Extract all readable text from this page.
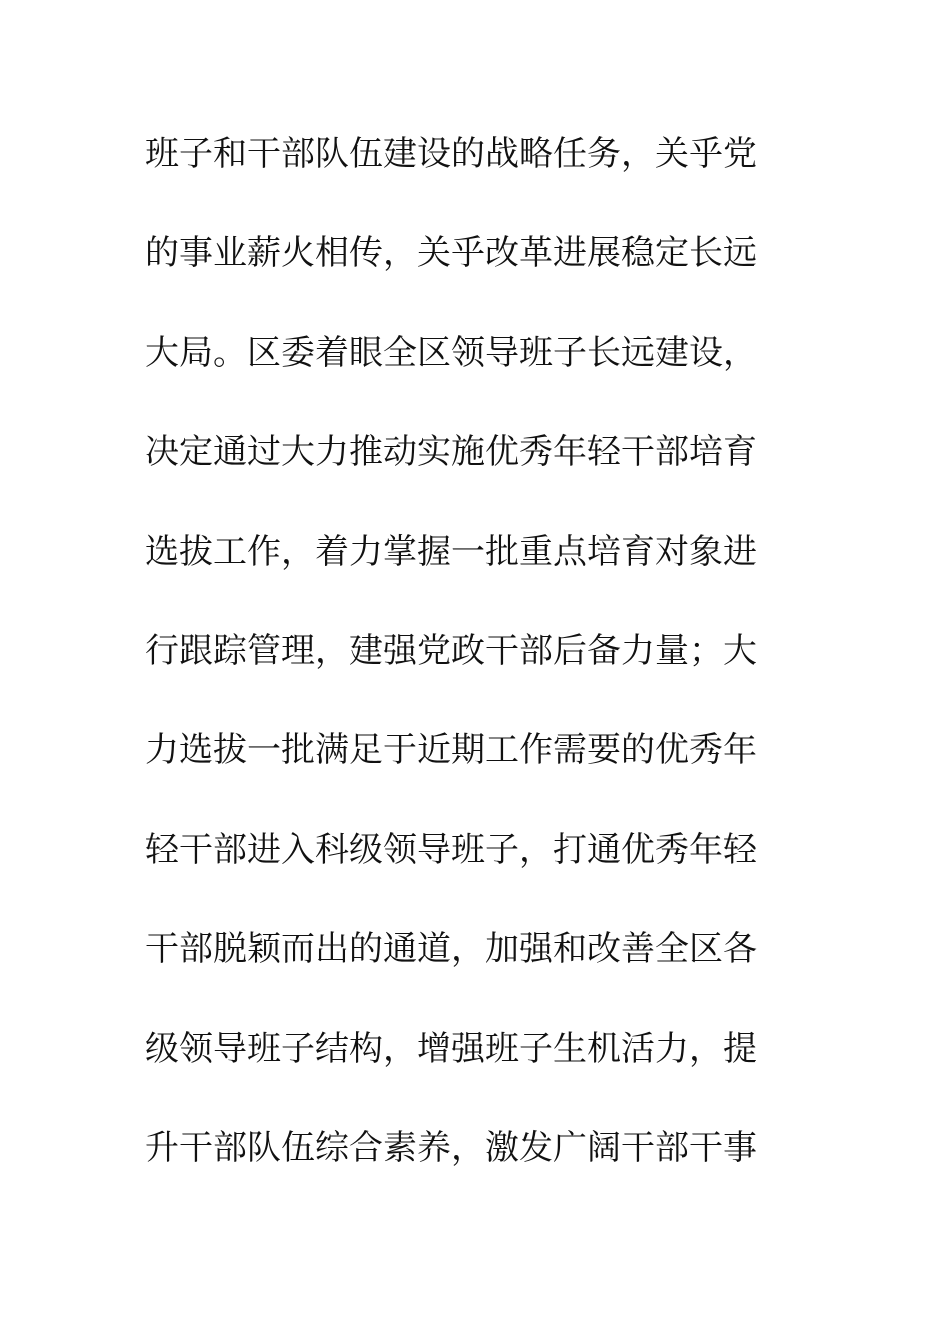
班子和干部队伍建设的战略任务，关乎党
的事业薪火相传，关乎改革进展稳定长远
大局。区委着眼全区领导班子长远建设，
决定通过大力推动实施优秀年轻干部培育
选拔工作，着力掌握一批重点培育对象进
行跟踪管理，建强党政干部后备力量；大
力选拔一批满足于近期工作需要的优秀年
轻干部进入科级领导班子，打通优秀年轻
干部脱颖而出的通道，加强和改善全区各
级领导班子结构，增强班子生机活力，提
升干部队伍综合素养，激发广阔干部干事
